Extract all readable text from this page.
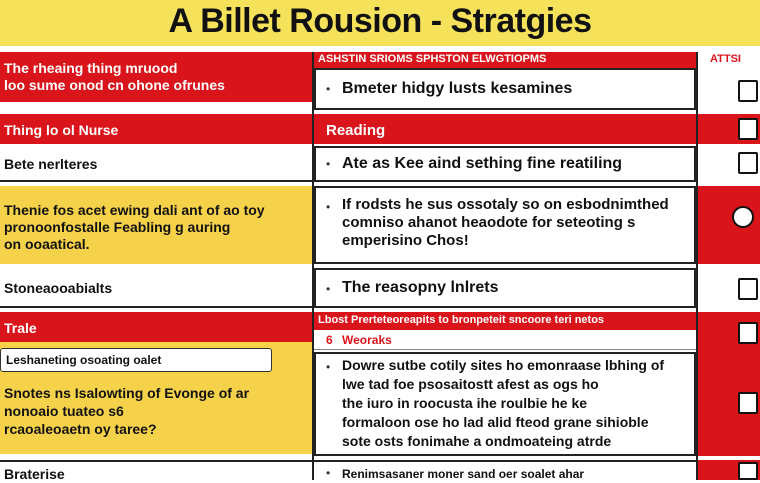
A Billet Rousion - Stratgies
The rheaing thing mruood
loo sume onod cn ohone ofrunes
Thing lo ol Nurse
Bete nerlteres
Thenie fos acet ewing dali ant of ao toy
pronoonfostalle Feabling g auring
on ooaatical.
Stoneaooabialts
Trale
Leshaneting osoating oalet
Snotes ns Isalowting of Evonge of ar
nonoaio tuateo s6
rcaoaleoaetn oy taree?
Braterise
ASHSTIN SRIOMS SPHSTON ELWGTIOPMS
• Bmeter hidgy lusts kesamines
Reading
• Ate as Kee aind sething fine reatiling
• If rodsts he sus ossotaly so on esbodnimthed
comniso ahanot heaodote for seteoting s
emperisino Chos!
• The reasopny lnlrets
Lbost Prerteteoreapits to bronpeteit sncoore teri netos
6 Weoraks
• Dowre sutbe cotily sites ho emonraase lbhing of
lwe tad foe psosaitostt afest as ogs ho
the iuro in roocusta ihe roulbie he ke
formaloon ose ho lad alid fteod grane sihioble
sote osts fonimahe a ondmoateing atrde
• Renimsasaner moner sand oer soalet ahar
ATTSI
